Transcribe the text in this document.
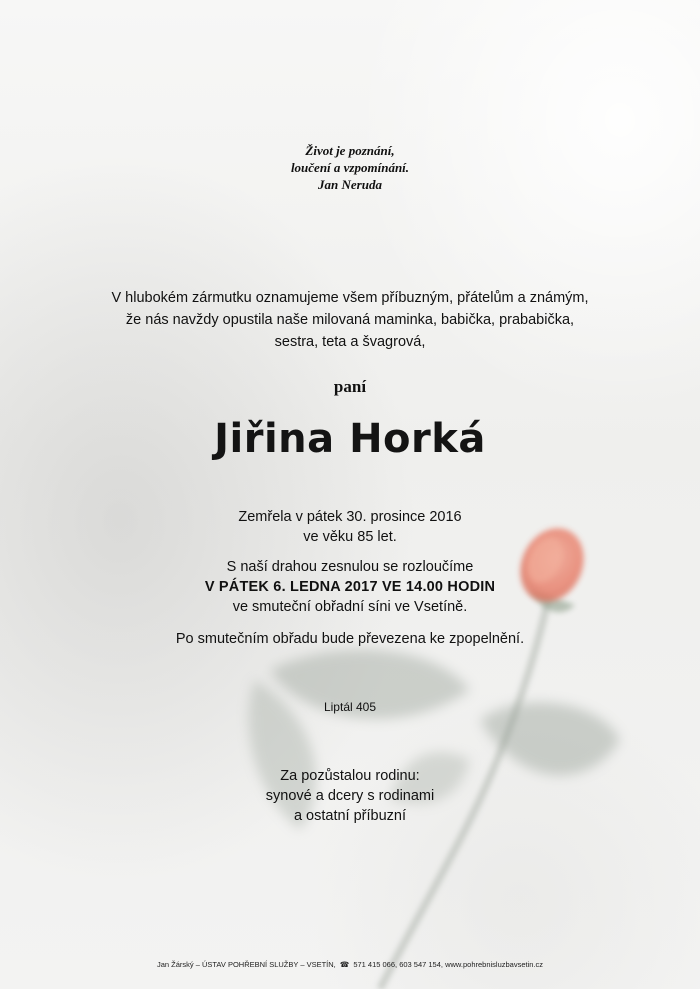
Život je poznání,
loučení a vzpomínání.
Jan Neruda
V hlubokém zármutku oznamujeme všem příbuzným, přátelům a známým,
že nás navždy opustila naše milovaná maminka, babička, prababička,
sestra, teta a švagrová,
paní
Jiřina Horká
Zemřela v pátek 30. prosince 2016
ve věku 85 let.
S naší drahou zesnulou se rozloučíme
V PÁTEK 6. LEDNA 2017 VE 14.00 HODIN
ve smuteční obřadní síni ve Vsetíně.
Po smutečním obřadu bude převezena ke zpopelnění.
Liptál 405
Za pozůstalou rodinu:
synové a dcery s rodinami
a ostatní příbuzní
Jan Žárský – ÚSTAV POHŘEBNÍ SLUŽBY – VSETÍN, ☎ 571 415 066, 603 547 154, www.pohrebnisluzbavsetin.cz
